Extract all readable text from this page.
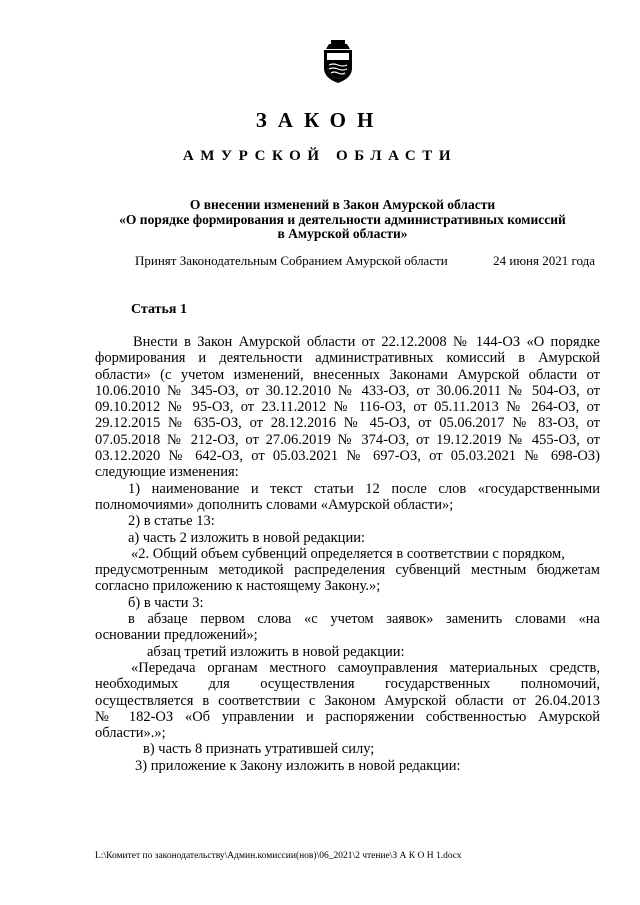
ЗАКОН
АМУРСКОЙ ОБЛАСТИ
О внесении изменений в Закон Амурской области
«О порядке формирования и деятельности административных комиссий
в Амурской области»
Принят Законодательным Собранием Амурской области	24 июня 2021 года
Статья 1
Внести в Закон Амурской области от 22.12.2008 № 144-ОЗ «О порядке
формирования и деятельности административных комиссий в Амурской
области» (с учетом изменений, внесенных Законами Амурской области от
10.06.2010 № 345-ОЗ, от 30.12.2010 № 433-ОЗ, от 30.06.2011 № 504-ОЗ, от
09.10.2012 № 95-ОЗ, от 23.11.2012 № 116-ОЗ, от 05.11.2013 № 264-ОЗ, от
29.12.2015 № 635-ОЗ, от 28.12.2016 № 45-ОЗ, от 05.06.2017 № 83-ОЗ, от
07.05.2018 № 212-ОЗ, от 27.06.2019 № 374-ОЗ, от 19.12.2019 № 455-ОЗ, от
03.12.2020 № 642-ОЗ, от 05.03.2021 № 697-ОЗ, от 05.03.2021 № 698-ОЗ)
следующие изменения:
1) наименование и текст статьи 12 после слов «государственными
полномочиями» дополнить словами «Амурской области»;
2) в статье 13:
а) часть 2 изложить в новой редакции:
«2. Общий объем субвенций определяется в соответствии с порядком,
предусмотренным методикой распределения субвенций местным бюджетам
согласно приложению к настоящему Закону.»;
б) в части 3:
в абзаце первом слова «с учетом заявок» заменить словами «на
основании предложений»;
абзац третий изложить в новой редакции:
«Передача органам местного самоуправления материальных средств,
необходимых для осуществления государственных полномочий,
осуществляется в соответствии с Законом Амурской области от 26.04.2013
№ 182-ОЗ «Об управлении и распоряжении собственностью Амурской
области».»;
в) часть 8 признать утратившей силу;
3) приложение к Закону изложить в новой редакции:
L:\Комитет по законодательству\Админ.комиссии(нов)\06_2021\2 чтение\З А К О Н 1.docx
